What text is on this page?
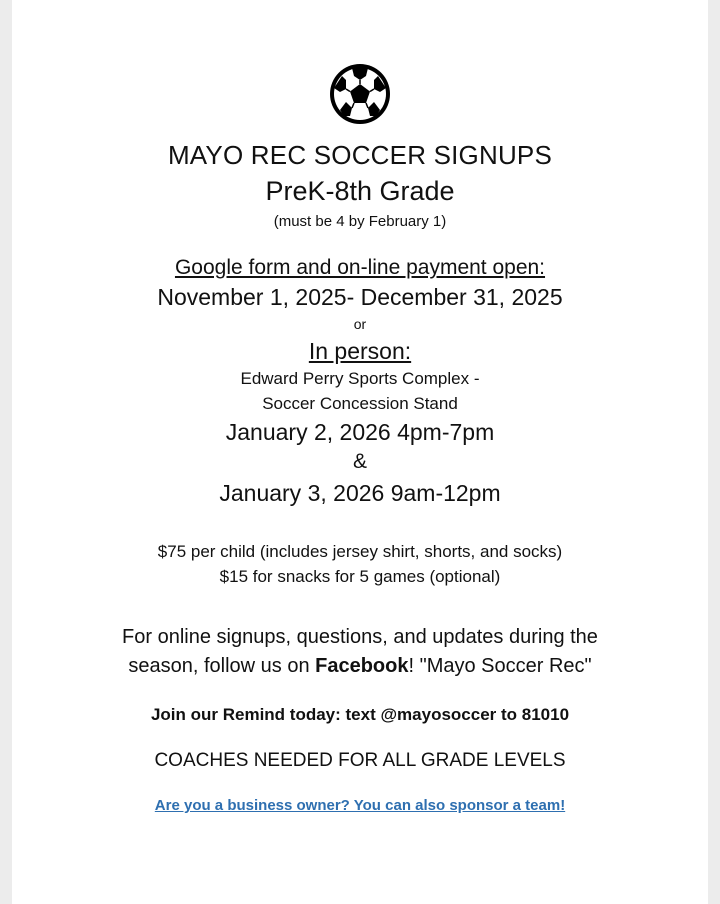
MAYO REC SOCCER SIGNUPS
PreK-8th Grade
(must be 4 by February 1)
Google form and on-line payment open:
November 1, 2025- December 31, 2025
or
In person:
Edward Perry Sports Complex -
Soccer Concession Stand
January 2, 2026 4pm-7pm
&
January 3, 2026 9am-12pm
$75 per child (includes jersey shirt, shorts, and socks)
$15 for snacks for 5 games (optional)
For online signups, questions, and updates during the
season, follow us on Facebook! "Mayo Soccer Rec"
Join our Remind today: text @mayosoccer to 81010
COACHES NEEDED FOR ALL GRADE LEVELS
Are you a business owner? You can also sponsor a team!
